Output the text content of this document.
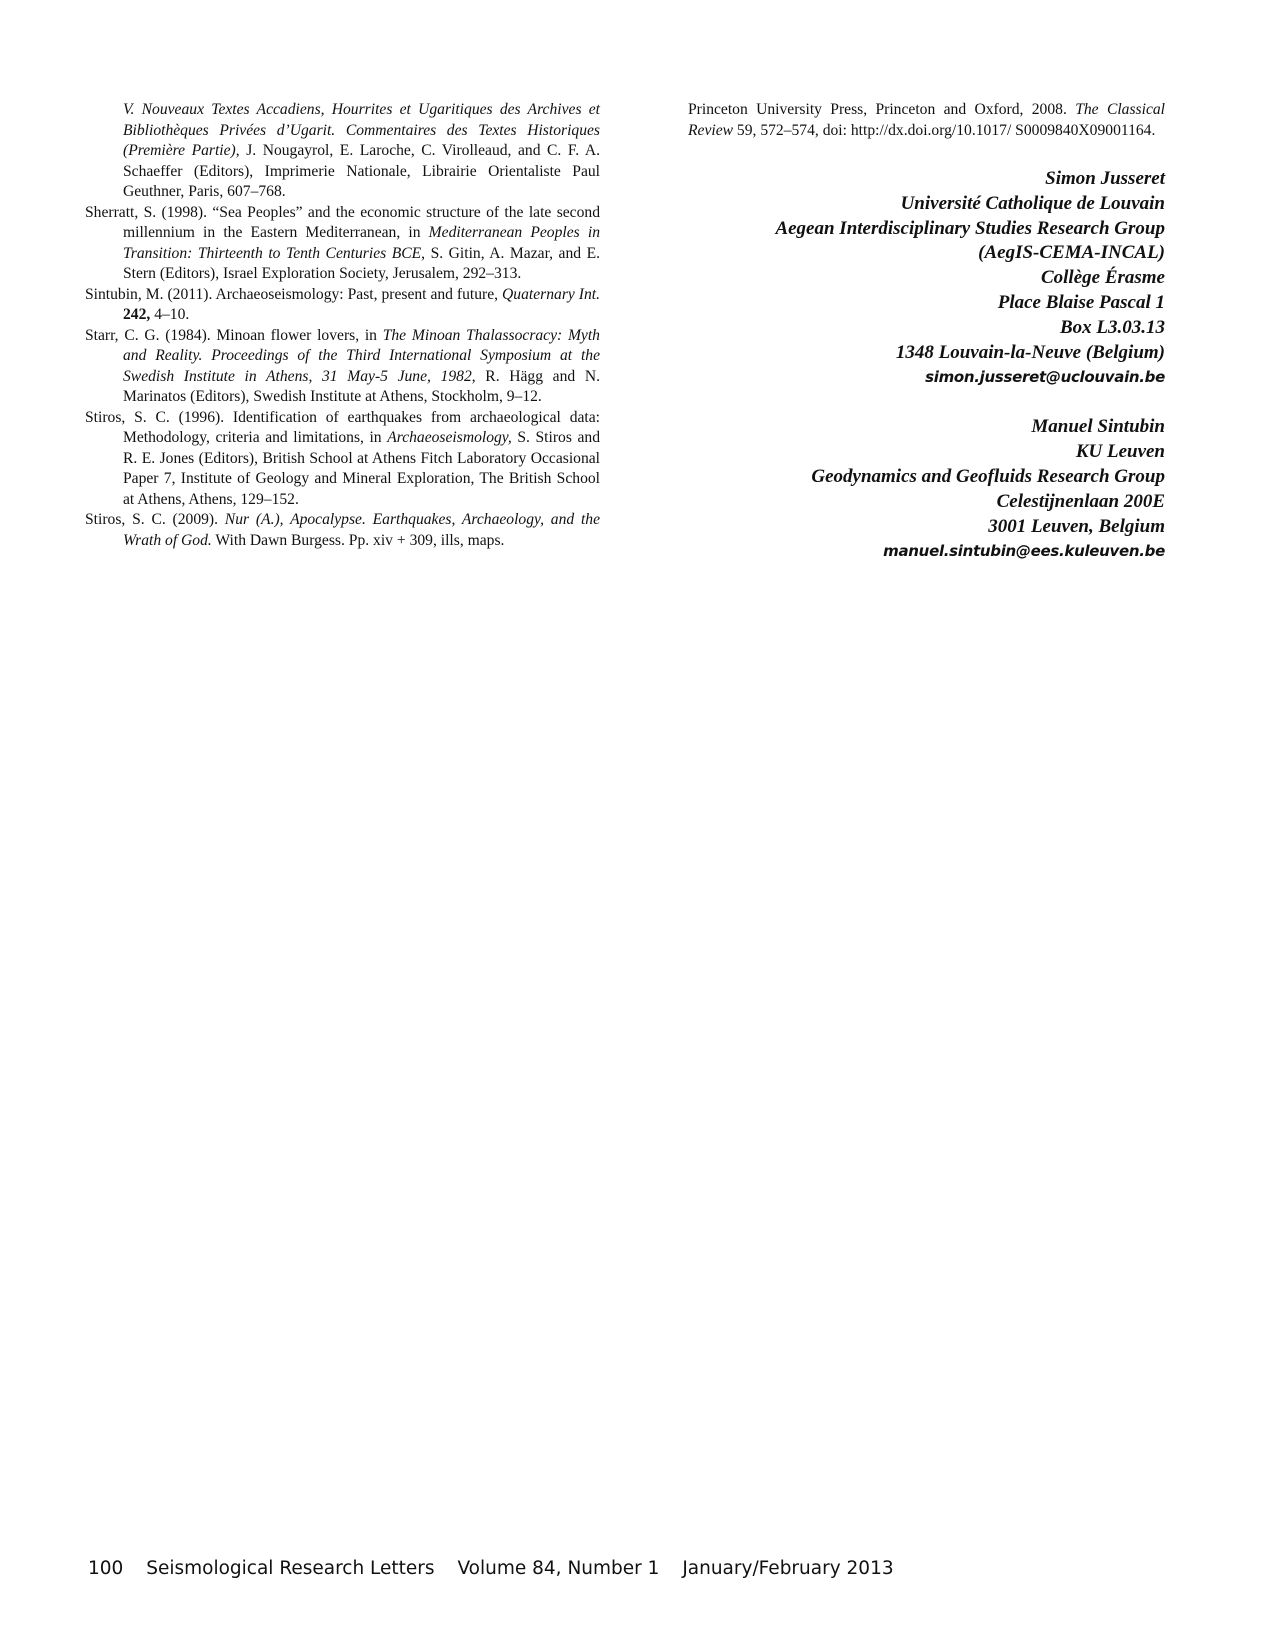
V. Nouveaux Textes Accadiens, Hourrites et Ugaritiques des Archives et Bibliothèques Privées d’Ugarit. Commentaires des Textes Historiques (Première Partie), J. Nougayrol, E. Laroche, C. Virolleaud, and C. F. A. Schaeffer (Editors), Imprimerie Nationale, Librairie Orientaliste Paul Geuthner, Paris, 607–768.

Sherratt, S. (1998). “Sea Peoples” and the economic structure of the late second millennium in the Eastern Mediterranean, in Mediterranean Peoples in Transition: Thirteenth to Tenth Centuries BCE, S. Gitin, A. Mazar, and E. Stern (Editors), Israel Exploration Society, Jerusalem, 292–313.

Sintubin, M. (2011). Archaeoseismology: Past, present and future, Quaternary Int. 242, 4–10.

Starr, C. G. (1984). Minoan flower lovers, in The Minoan Thalassocracy: Myth and Reality. Proceedings of the Third International Symposium at the Swedish Institute in Athens, 31 May-5 June, 1982, R. Hägg and N. Marinatos (Editors), Swedish Institute at Athens, Stockholm, 9–12.

Stiros, S. C. (1996). Identification of earthquakes from archaeological data: Methodology, criteria and limitations, in Archaeoseismology, S. Stiros and R. E. Jones (Editors), British School at Athens Fitch Laboratory Occasional Paper 7, Institute of Geology and Mineral Exploration, The British School at Athens, Athens, 129–152.

Stiros, S. C. (2009). Nur (A.), Apocalypse. Earthquakes, Archaeology, and the Wrath of God. With Dawn Burgess. Pp. xiv + 309, ills, maps.

Princeton University Press, Princeton and Oxford, 2008. The Classical Review 59, 572–574, doi: http://dx.doi.org/10.1017/ S0009840X09001164.

Simon Jusseret
Université Catholique de Louvain
Aegean Interdisciplinary Studies Research Group
(AegIS-CEMA-INCAL)
Collège Érasme
Place Blaise Pascal 1
Box L3.03.13
1348 Louvain-la-Neuve (Belgium)
simon.jusseret@uclouvain.be
Manuel Sintubin
KU Leuven
Geodynamics and Geofluids Research Group
Celestijnenlaan 200E
3001 Leuven, Belgium
manuel.sintubin@ees.kuleuven.be
100 Seismological Research Letters Volume 84, Number 1 January/February 2013
